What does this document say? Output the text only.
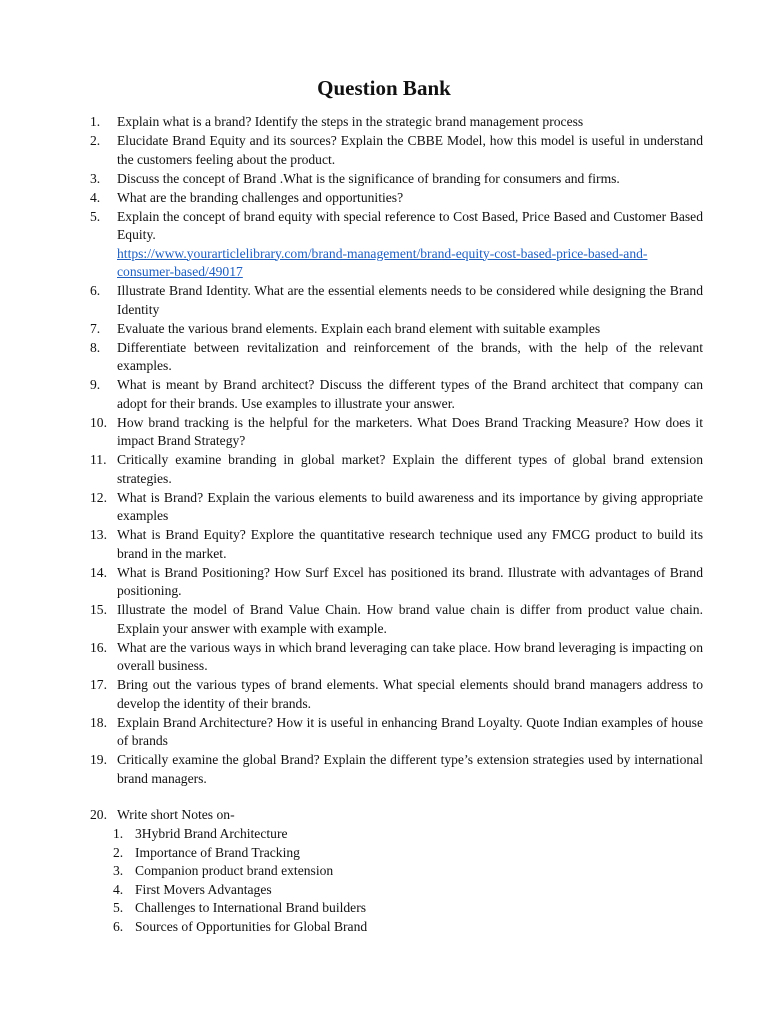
Question Bank
1.	Explain what is a brand? Identify the steps in the strategic brand management process
2.	Elucidate Brand Equity and its sources? Explain the CBBE Model, how this model is useful in understand the customers feeling about the product.
3.	Discuss the concept of Brand .What is the significance of branding for consumers and firms.
4.	What are the branding challenges and opportunities?
5.	Explain the concept of brand equity with special reference to Cost Based, Price Based and Customer Based Equity.
https://www.yourarticlelibrary.com/brand-management/brand-equity-cost-based-price-based-and-consumer-based/49017
6.	Illustrate Brand Identity. What are the essential elements needs to be considered while designing the Brand Identity
7.	Evaluate the various brand elements. Explain each brand element with suitable examples
8.	Differentiate between revitalization and reinforcement of the brands, with the help of the relevant examples.
9.	What is meant by Brand architect? Discuss the different types of the Brand architect that company can adopt for their brands. Use examples to illustrate your answer.
10. How brand tracking is the helpful for the marketers. What Does Brand Tracking Measure? How does it impact Brand Strategy?
11. Critically examine branding in global market? Explain the different types of global brand extension strategies.
12. What is Brand? Explain the various elements to build awareness and its importance by giving appropriate examples
13. What is Brand Equity? Explore the quantitative research technique used any FMCG product to build its brand in the market.
14. What is Brand Positioning? How Surf Excel has positioned its brand. Illustrate with advantages of Brand positioning.
15. Illustrate the model of Brand Value Chain. How brand value chain is differ from product value chain. Explain your answer with example with example.
16. What are the various ways in which brand leveraging can take place. How brand leveraging is impacting on overall business.
17. Bring out the various types of brand elements. What special elements should brand managers address to develop the identity of their brands.
18. Explain Brand Architecture? How it is useful in enhancing Brand Loyalty. Quote Indian examples of house of brands
19. Critically examine the global Brand? Explain the different type’s extension strategies used by international brand managers.
20. Write short Notes on-
1. 3Hybrid Brand Architecture
2. Importance of Brand Tracking
3. Companion product brand extension
4. First Movers Advantages
5. Challenges to International Brand builders
6. Sources of Opportunities for Global Brand
